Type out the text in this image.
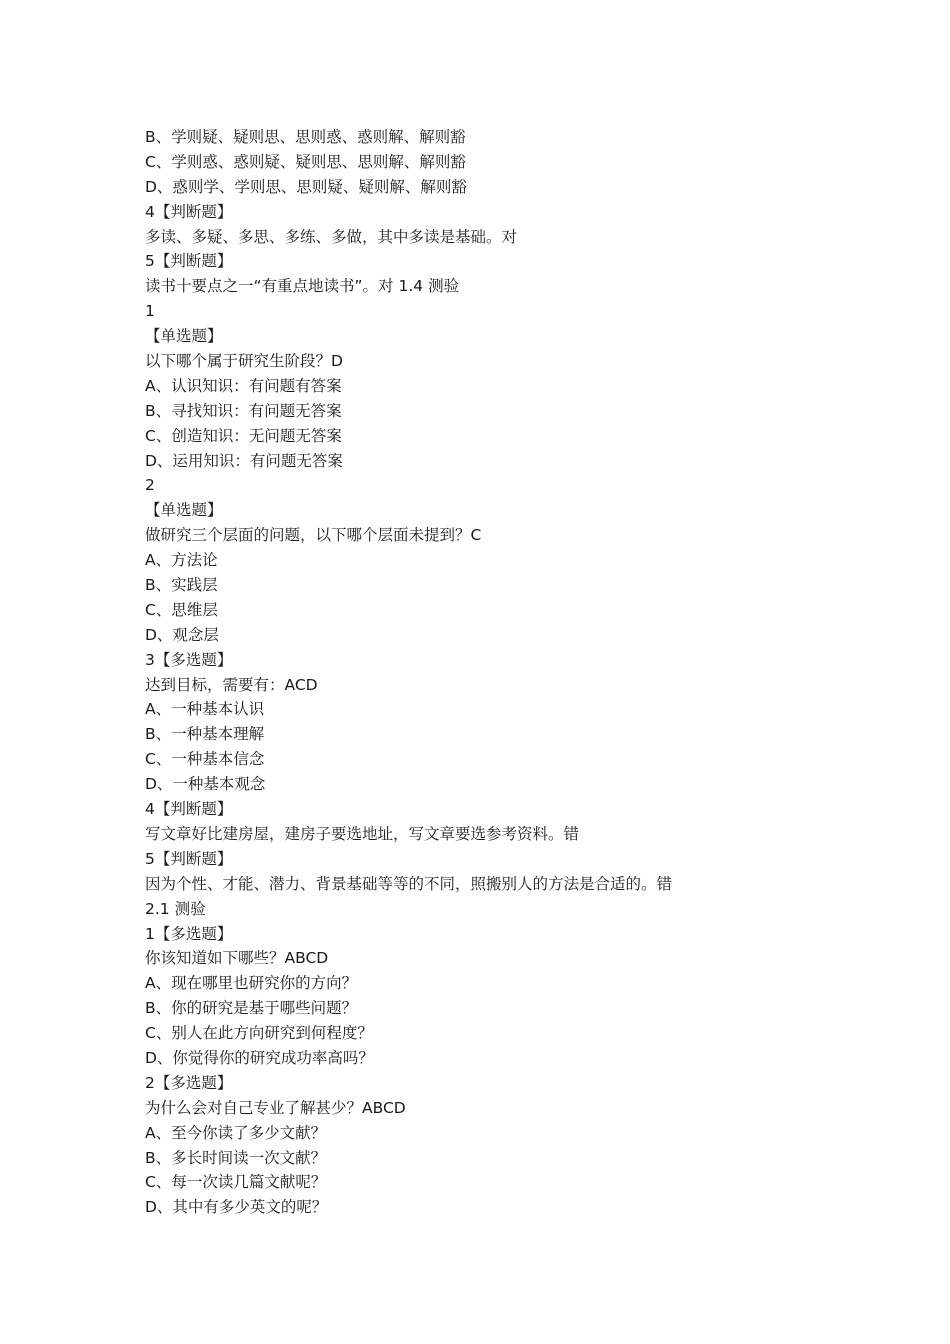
B、学则疑、疑则思、思则惑、惑则解、解则豁
C、学则惑、惑则疑、疑则思、思则解、解则豁
D、惑则学、学则思、思则疑、疑则解、解则豁
4【判断题】
多读、多疑、多思、多练、多做，其中多读是基础。对
5【判断题】
读书十要点之一“有重点地读书”。对 1.4 测验
1
【单选题】
以下哪个属于研究生阶段？D
A、认识知识：有问题有答案
B、寻找知识：有问题无答案
C、创造知识：无问题无答案
D、运用知识：有问题无答案
2
【单选题】
做研究三个层面的问题，以下哪个层面未提到？C
A、方法论
B、实践层
C、思维层
D、观念层
3【多选题】
达到目标，需要有：ACD
A、一种基本认识
B、一种基本理解
C、一种基本信念
D、一种基本观念
4【判断题】
写文章好比建房屋，建房子要选地址，写文章要选参考资料。错
5【判断题】
因为个性、才能、潜力、背景基础等等的不同，照搬别人的方法是合适的。错
2.1 测验
1【多选题】
你该知道如下哪些？ABCD
A、现在哪里也研究你的方向？
B、你的研究是基于哪些问题？
C、别人在此方向研究到何程度？
D、你觉得你的研究成功率高吗？
2【多选题】
为什么会对自己专业了解甚少？ABCD
A、至今你读了多少文献？
B、多长时间读一次文献？
C、每一次读几篇文献呢？
D、其中有多少英文的呢？
